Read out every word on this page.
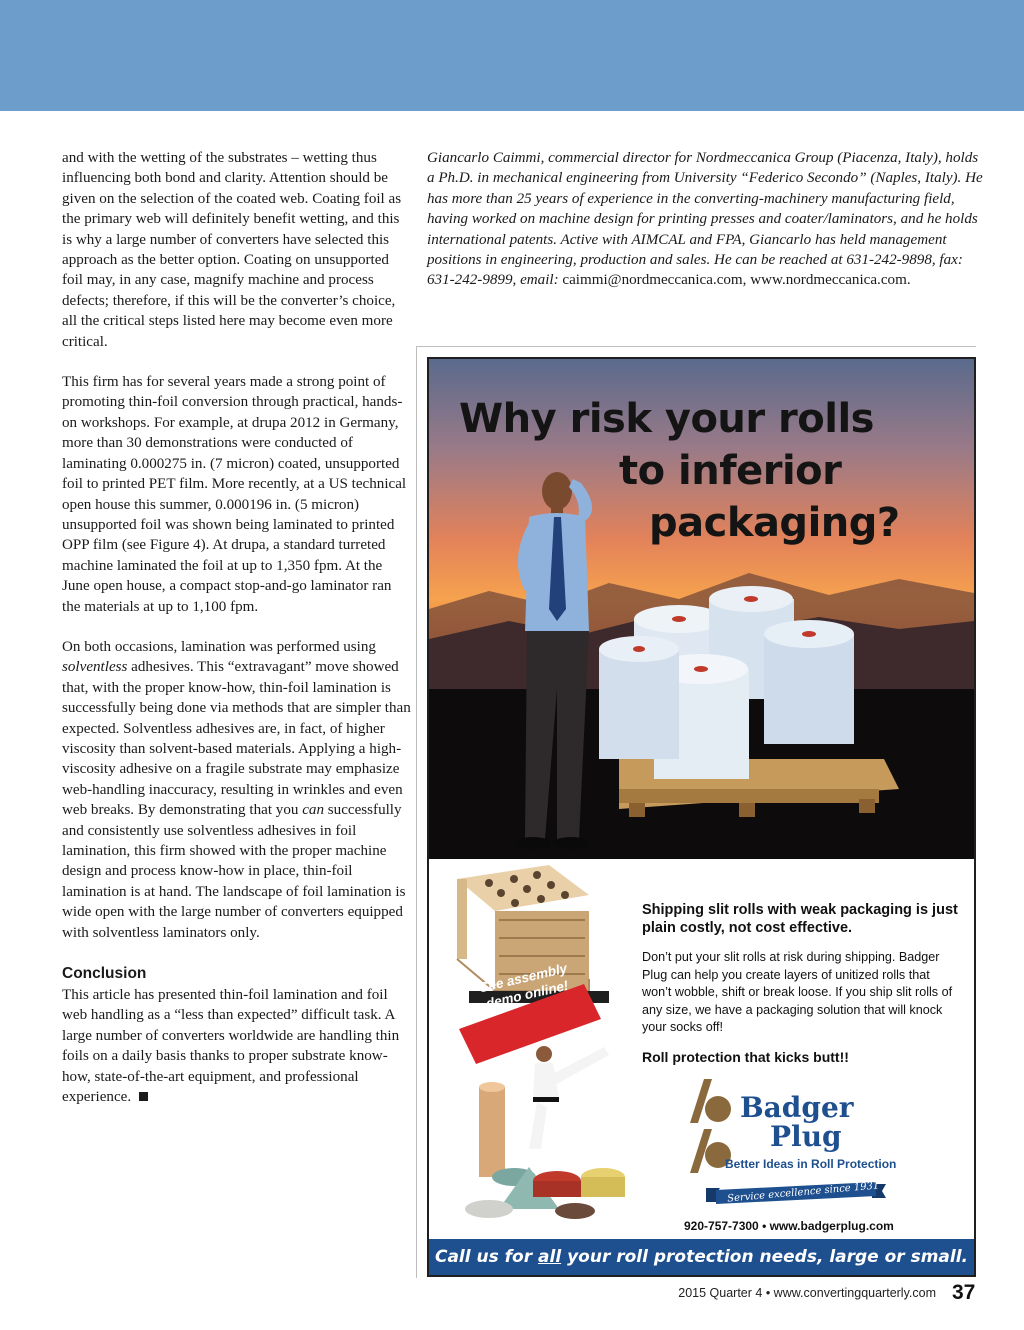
and with the wetting of the substrates – wetting thus influencing both bond and clarity. Attention should be given on the selection of the coated web. Coating foil as the primary web will definitely benefit wetting, and this is why a large number of converters have selected this approach as the better option. Coating on unsupported foil may, in any case, magnify machine and process defects; therefore, if this will be the converter’s choice, all the critical steps listed here may become even more critical.

This firm has for several years made a strong point of promoting thin-foil conversion through practical, hands-on workshops. For example, at drupa 2012 in Germany, more than 30 demonstrations were conducted of laminating 0.000275 in. (7 micron) coated, unsupported foil to printed PET film. More recently, at a US technical open house this summer, 0.000196 in. (5 micron) unsupported foil was shown being laminated to printed OPP film (see Figure 4). At drupa, a standard turreted machine laminated the foil at up to 1,350 fpm. At the June open house, a compact stop-and-go laminator ran the materials at up to 1,100 fpm.

On both occasions, lamination was performed using solventless adhesives. This “extravagant” move showed that, with the proper know-how, thin-foil lamination is successfully being done via methods that are simpler than expected. Solventless adhesives are, in fact, of higher viscosity than solvent-based materials. Applying a high-viscosity adhesive on a fragile substrate may emphasize web-handling inaccuracy, resulting in wrinkles and even web breaks. By demonstrating that you can successfully and consistently use solventless adhesives in foil lamination, this firm showed with the proper machine design and process know-how in place, thin-foil lamination is at hand. The landscape of foil lamination is wide open with the large number of converters equipped with solventless laminators only.

Conclusion

This article has presented thin-foil lamination and foil web handling as a “less than expected” difficult task. A large number of converters worldwide are handling thin foils on a daily basis thanks to proper substrate know-how, state-of-the-art equipment, and professional experience.

Giancarlo Caimmi, commercial director for Nordmeccanica Group (Piacenza, Italy), holds a Ph.D. in mechanical engineering from University “Federico Secondo” (Naples, Italy). He has more than 25 years of experience in the converting-machinery manufacturing field, having worked on machine design for printing presses and coater/laminators, and he holds international patents. Active with AIMCAL and FPA, Giancarlo has held management positions in engineering, production and sales. He can be reached at 631-242-9898, fax: 631-242-9899, email: caimmi@nordmeccanica.com, www.nordmeccanica.com.
Why risk your rolls
to inferior
packaging?
See assembly demo online!
Shipping slit rolls with weak packaging is just plain costly, not cost effective.
Don’t put your slit rolls at risk during shipping. Badger Plug can help you create layers of unitized rolls that won’t wobble, shift or break loose. If you ship slit rolls of any size, we have a packaging solution that will knock your socks off!
Roll protection that kicks butt!!
Badger
Plug
Better Ideas in Roll Protection
Service excellence since 1931
920-757-7300 • www.badgerplug.com
Call us for all your roll protection needs, large or small.
2015 Quarter 4 • www.convertingquarterly.com 37
